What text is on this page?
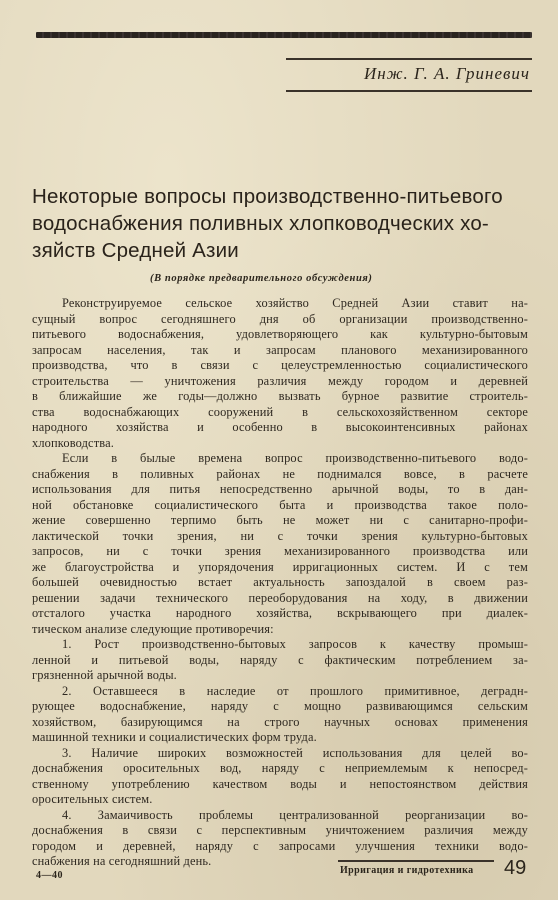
Инж. Г. А. Гриневич
Некоторые вопросы производственно-питьевого
водоснабжения поливных хлопководческих хо-
зяйств Средней Азии
(В порядке предварительного обсуждения)
Реконструируемое сельское хозяйство Средней Азии ставит на-
сущный вопрос сегодняшнего дня об организации производственно-
питьевого водоснабжения, удовлетворяющего как культурно-бытовым
запросам населения, так и запросам планового механизированного
производства, что в связи с целеустремленностью социалистического
строительства — уничтожения различия между городом и деревней
в ближайшие же годы—должно вызвать бурное развитие строитель-
ства водоснабжающих сооружений в сельскохозяйственном секторе
народного хозяйства и особенно в высокоинтенсивных районах
хлопководства.
Если в былые времена вопрос производственно-питьевого водо-
снабжения в поливных районах не поднимался вовсе, в расчете
использования для питья непосредственно арычной воды, то в дан-
ной обстановке социалистического быта и производства такое поло-
жение совершенно терпимо быть не может ни с санитарно-профи-
лактической точки зрения, ни с точки зрения культурно-бытовых
запросов, ни с точки зрения механизированного производства или
же благоустройства и упорядочения ирригационных систем. И с тем
большей очевидностью встает актуальность запоздалой в своем раз-
решении задачи технического переоборудования на ходу, в движении
отсталого участка народного хозяйства, вскрывающего при диалек-
тическом анализе следующие противоречия:
1. Рост производственно-бытовых запросов к качеству промыш-
ленной и питьевой воды, наряду с фактическим потреблением за-
грязненной арычной воды.
2. Оставшееся в наследие от прошлого примитивное, деградн-
рующее водоснабжение, наряду с мощно развивающимся сельским
хозяйством, базирующимся на строго научных основах применения
машинной техники и социалистических форм труда.
3. Наличие широких возможностей использования для целей во-
доснабжения оросительных вод, наряду с неприемлемым к непосред-
ственному употреблению качеством воды и непостоянством действия
оросительных систем.
4. Замаичивость проблемы централизованной реорганизации во-
доснабжения в связи с перспективным уничтожением различия между
городом и деревней, наряду с запросами улучшения техники водо-
снабжения на сегодняшний день.
4—40	Ирригация и гидротехника 49
